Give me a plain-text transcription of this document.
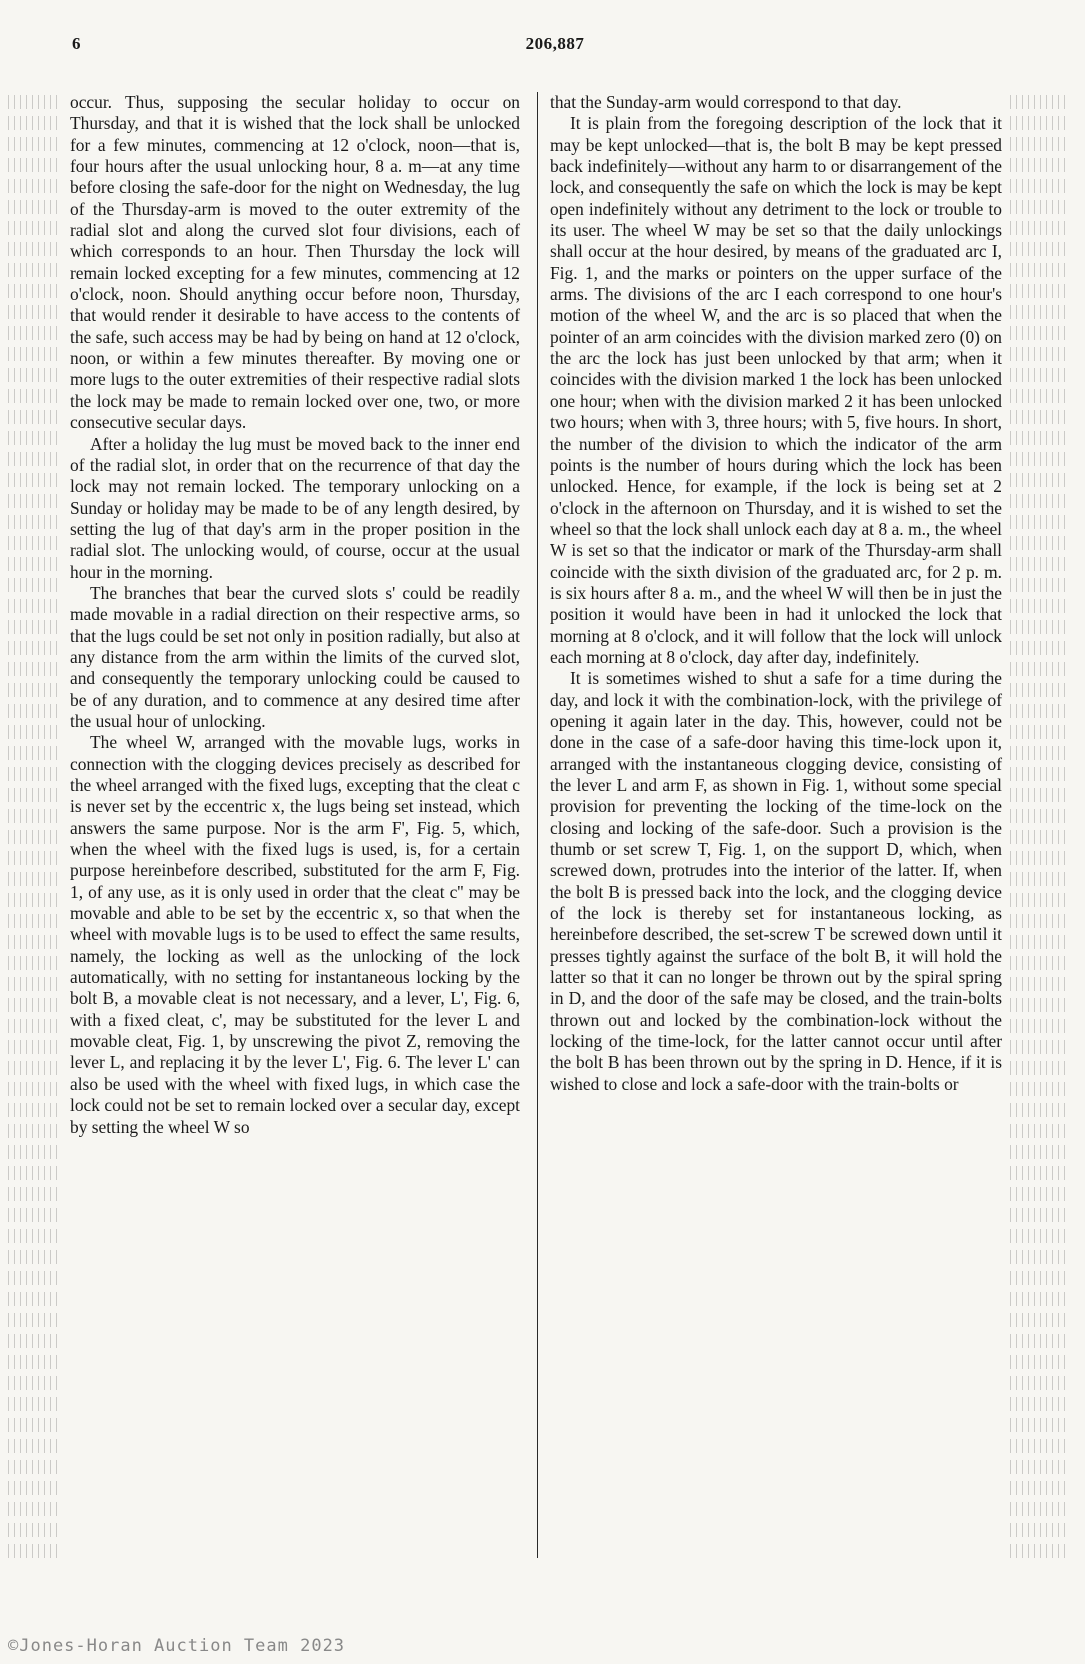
6	206,887

occur. Thus, supposing the secular holiday to occur on Thursday, and that it is wished that the lock shall be unlocked for a few minutes, commencing at 12 o'clock, noon—that is, four hours after the usual unlocking hour, 8 a. m—at any time before closing the safe-door for the night on Wednesday, the lug of the Thursday-arm is moved to the outer extremity of the radial slot and along the curved slot four divisions, each of which corresponds to an hour. Then Thursday the lock will remain locked excepting for a few minutes, commencing at 12 o'clock, noon. Should anything occur before noon, Thursday, that would render it desirable to have access to the contents of the safe, such access may be had by being on hand at 12 o'clock, noon, or within a few minutes thereafter. By moving one or more lugs to the outer extremities of their respective radial slots the lock may be made to remain locked over one, two, or more consecutive secular days.

After a holiday the lug must be moved back to the inner end of the radial slot, in order that on the recurrence of that day the lock may not remain locked. The temporary unlocking on a Sunday or holiday may be made to be of any length desired, by setting the lug of that day's arm in the proper position in the radial slot. The unlocking would, of course, occur at the usual hour in the morning.

The branches that bear the curved slots s' could be readily made movable in a radial direction on their respective arms, so that the lugs could be set not only in position radially, but also at any distance from the arm within the limits of the curved slot, and consequently the temporary unlocking could be caused to be of any duration, and to commence at any desired time after the usual hour of unlocking.

The wheel W, arranged with the movable lugs, works in connection with the clogging devices precisely as described for the wheel arranged with the fixed lugs, excepting that the cleat c is never set by the eccentric x, the lugs being set instead, which answers the same purpose. Nor is the arm F', Fig. 5, which, when the wheel with the fixed lugs is used, is, for a certain purpose hereinbefore described, substituted for the arm F, Fig. 1, of any use, as it is only used in order that the cleat c'' may be movable and able to be set by the eccentric x, so that when the wheel with movable lugs is to be used to effect the same results, namely, the locking as well as the unlocking of the lock automatically, with no setting for instantaneous locking by the bolt B, a movable cleat is not necessary, and a lever, L', Fig. 6, with a fixed cleat, c', may be substituted for the lever L and movable cleat, Fig. 1, by unscrewing the pivot Z, removing the lever L, and replacing it by the lever L', Fig. 6. The lever L' can also be used with the wheel with fixed lugs, in which case the lock could not be set to remain locked over a secular day, except by setting the wheel W so

that the Sunday-arm would correspond to that day.

It is plain from the foregoing description of the lock that it may be kept unlocked—that is, the bolt B may be kept pressed back indefinitely—without any harm to or disarrangement of the lock, and consequently the safe on which the lock is may be kept open indefinitely without any detriment to the lock or trouble to its user. The wheel W may be set so that the daily unlockings shall occur at the hour desired, by means of the graduated arc I, Fig. 1, and the marks or pointers on the upper surface of the arms. The divisions of the arc I each correspond to one hour's motion of the wheel W, and the arc is so placed that when the pointer of an arm coincides with the division marked zero (0) on the arc the lock has just been unlocked by that arm; when it coincides with the division marked 1 the lock has been unlocked one hour; when with the division marked 2 it has been unlocked two hours; when with 3, three hours; with 5, five hours. In short, the number of the division to which the indicator of the arm points is the number of hours during which the lock has been unlocked. Hence, for example, if the lock is being set at 2 o'clock in the afternoon on Thursday, and it is wished to set the wheel so that the lock shall unlock each day at 8 a. m., the wheel W is set so that the indicator or mark of the Thursday-arm shall coincide with the sixth division of the graduated arc, for 2 p. m. is six hours after 8 a. m., and the wheel W will then be in just the position it would have been in had it unlocked the lock that morning at 8 o'clock, and it will follow that the lock will unlock each morning at 8 o'clock, day after day, indefinitely.

It is sometimes wished to shut a safe for a time during the day, and lock it with the combination-lock, with the privilege of opening it again later in the day. This, however, could not be done in the case of a safe-door having this time-lock upon it, arranged with the instantaneous clogging device, consisting of the lever L and arm F, as shown in Fig. 1, without some special provision for preventing the locking of the time-lock on the closing and locking of the safe-door. Such a provision is the thumb or set screw T, Fig. 1, on the support D, which, when screwed down, protrudes into the interior of the latter. If, when the bolt B is pressed back into the lock, and the clogging device of the lock is thereby set for instantaneous locking, as hereinbefore described, the set-screw T be screwed down until it presses tightly against the surface of the bolt B, it will hold the latter so that it can no longer be thrown out by the spiral spring in D, and the door of the safe may be closed, and the train-bolts thrown out and locked by the combination-lock without the locking of the time-lock, for the latter cannot occur until after the bolt B has been thrown out by the spring in D. Hence, if it is wished to close and lock a safe-door with the train-bolts or

©Jones-Horan Auction Team 2023
